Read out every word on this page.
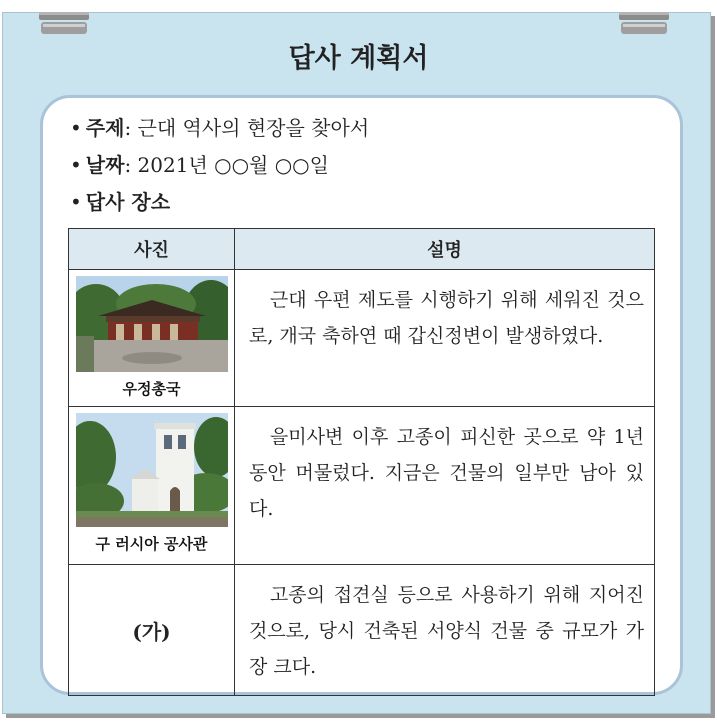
답사 계획서
• 주제: 근대 역사의 현장을 찾아서
• 날짜: 2021년 ○○월 ○○일
• 답사 장소
사진	설명

우정총국	근대 우편 제도를 시행하기 위해 세워진 것으로, 개국 축하연 때 갑신정변이 발생하였다.

구 러시아 공사관	을미사변 이후 고종이 피신한 곳으로 약 1년 동안 머물렀다. 지금은 건물의 일부만 남아 있다.
(가)	고종의 접견실 등으로 사용하기 위해 지어진 것으로, 당시 건축된 서양식 건물 중 규모가 가장 크다.
